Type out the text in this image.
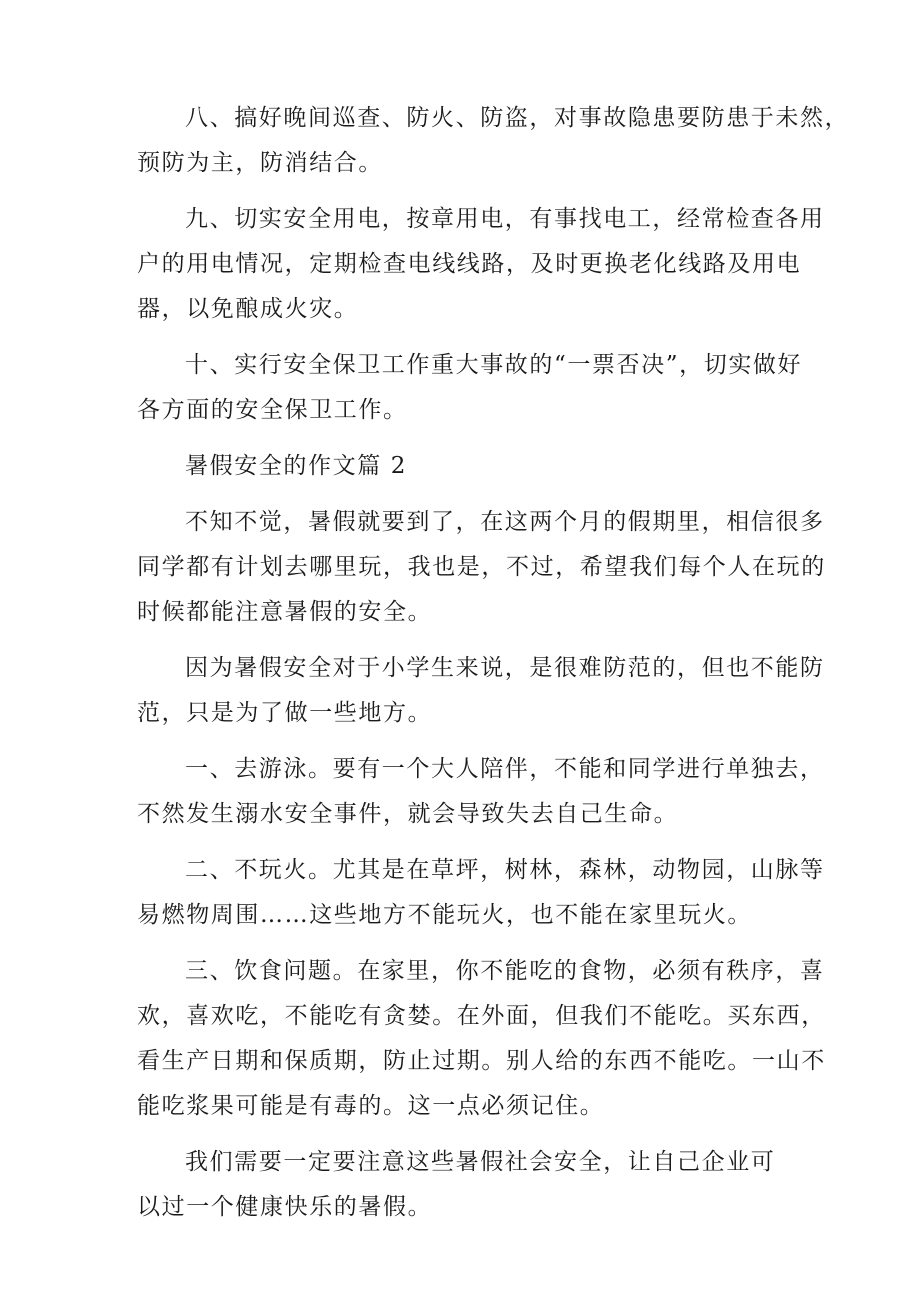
八、搞好晚间巡查、防火、防盗，对事故隐患要防患于未然，
预防为主，防消结合。
九、切实安全用电，按章用电，有事找电工，经常检查各用
户的用电情况，定期检查电线线路，及时更换老化线路及用电
器，以免酿成火灾。
十、实行安全保卫工作重大事故的“一票否决”，切实做好
各方面的安全保卫工作。
暑假安全的作文篇 2
不知不觉，暑假就要到了，在这两个月的假期里，相信很多
同学都有计划去哪里玩，我也是，不过，希望我们每个人在玩的
时候都能注意暑假的安全。
因为暑假安全对于小学生来说，是很难防范的，但也不能防
范，只是为了做一些地方。
一、去游泳。要有一个大人陪伴，不能和同学进行单独去，
不然发生溺水安全事件，就会导致失去自己生命。
二、不玩火。尤其是在草坪，树林，森林，动物园，山脉等
易燃物周围……这些地方不能玩火，也不能在家里玩火。
三、饮食问题。在家里，你不能吃的食物，必须有秩序，喜
欢，喜欢吃，不能吃有贪婪。在外面，但我们不能吃。买东西，
看生产日期和保质期，防止过期。别人给的东西不能吃。一山不
能吃浆果可能是有毒的。这一点必须记住。
我们需要一定要注意这些暑假社会安全，让自己企业可
以过一个健康快乐的暑假。
